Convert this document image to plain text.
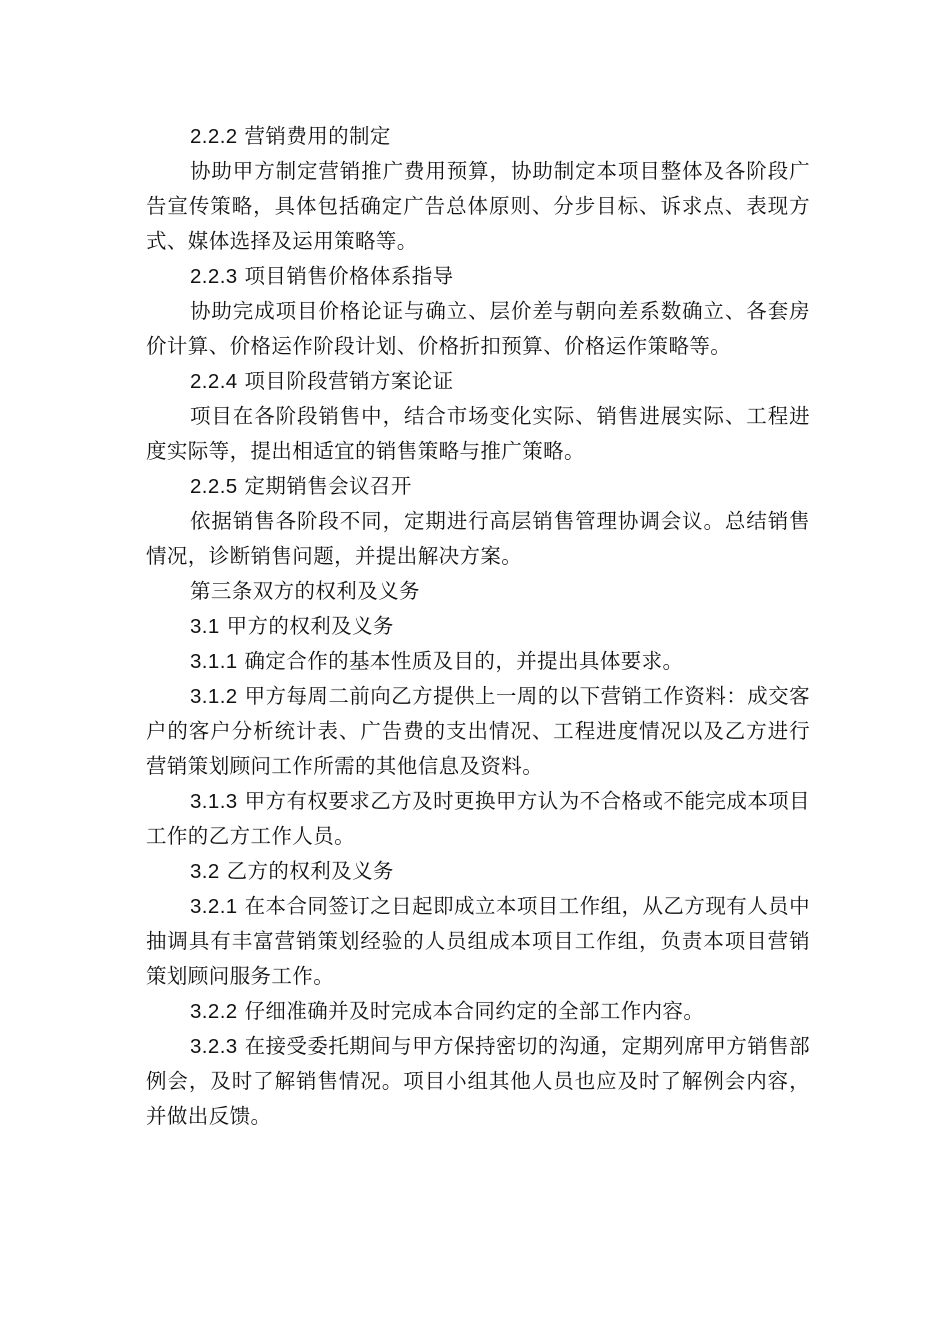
2.2.2 营销费用的制定

协助甲方制定营销推广费用预算，协助制定本项目整体及各阶段广告宣传策略，具体包括确定广告总体原则、分步目标、诉求点、表现方式、媒体选择及运用策略等。

2.2.3 项目销售价格体系指导

协助完成项目价格论证与确立、层价差与朝向差系数确立、各套房价计算、价格运作阶段计划、价格折扣预算、价格运作策略等。

2.2.4 项目阶段营销方案论证

项目在各阶段销售中，结合市场变化实际、销售进展实际、工程进度实际等，提出相适宜的销售策略与推广策略。

2.2.5 定期销售会议召开

依据销售各阶段不同，定期进行高层销售管理协调会议。总结销售情况，诊断销售问题，并提出解决方案。

第三条双方的权利及义务

3.1 甲方的权利及义务

3.1.1 确定合作的基本性质及目的，并提出具体要求。

3.1.2 甲方每周二前向乙方提供上一周的以下营销工作资料：成交客户的客户分析统计表、广告费的支出情况、工程进度情况以及乙方进行营销策划顾问工作所需的其他信息及资料。

3.1.3 甲方有权要求乙方及时更换甲方认为不合格或不能完成本项目工作的乙方工作人员。

3.2 乙方的权利及义务

3.2.1 在本合同签订之日起即成立本项目工作组，从乙方现有人员中抽调具有丰富营销策划经验的人员组成本项目工作组，负责本项目营销策划顾问服务工作。

3.2.2 仔细准确并及时完成本合同约定的全部工作内容。

3.2.3 在接受委托期间与甲方保持密切的沟通，定期列席甲方销售部例会，及时了解销售情况。项目小组其他人员也应及时了解例会内容，并做出反馈。
